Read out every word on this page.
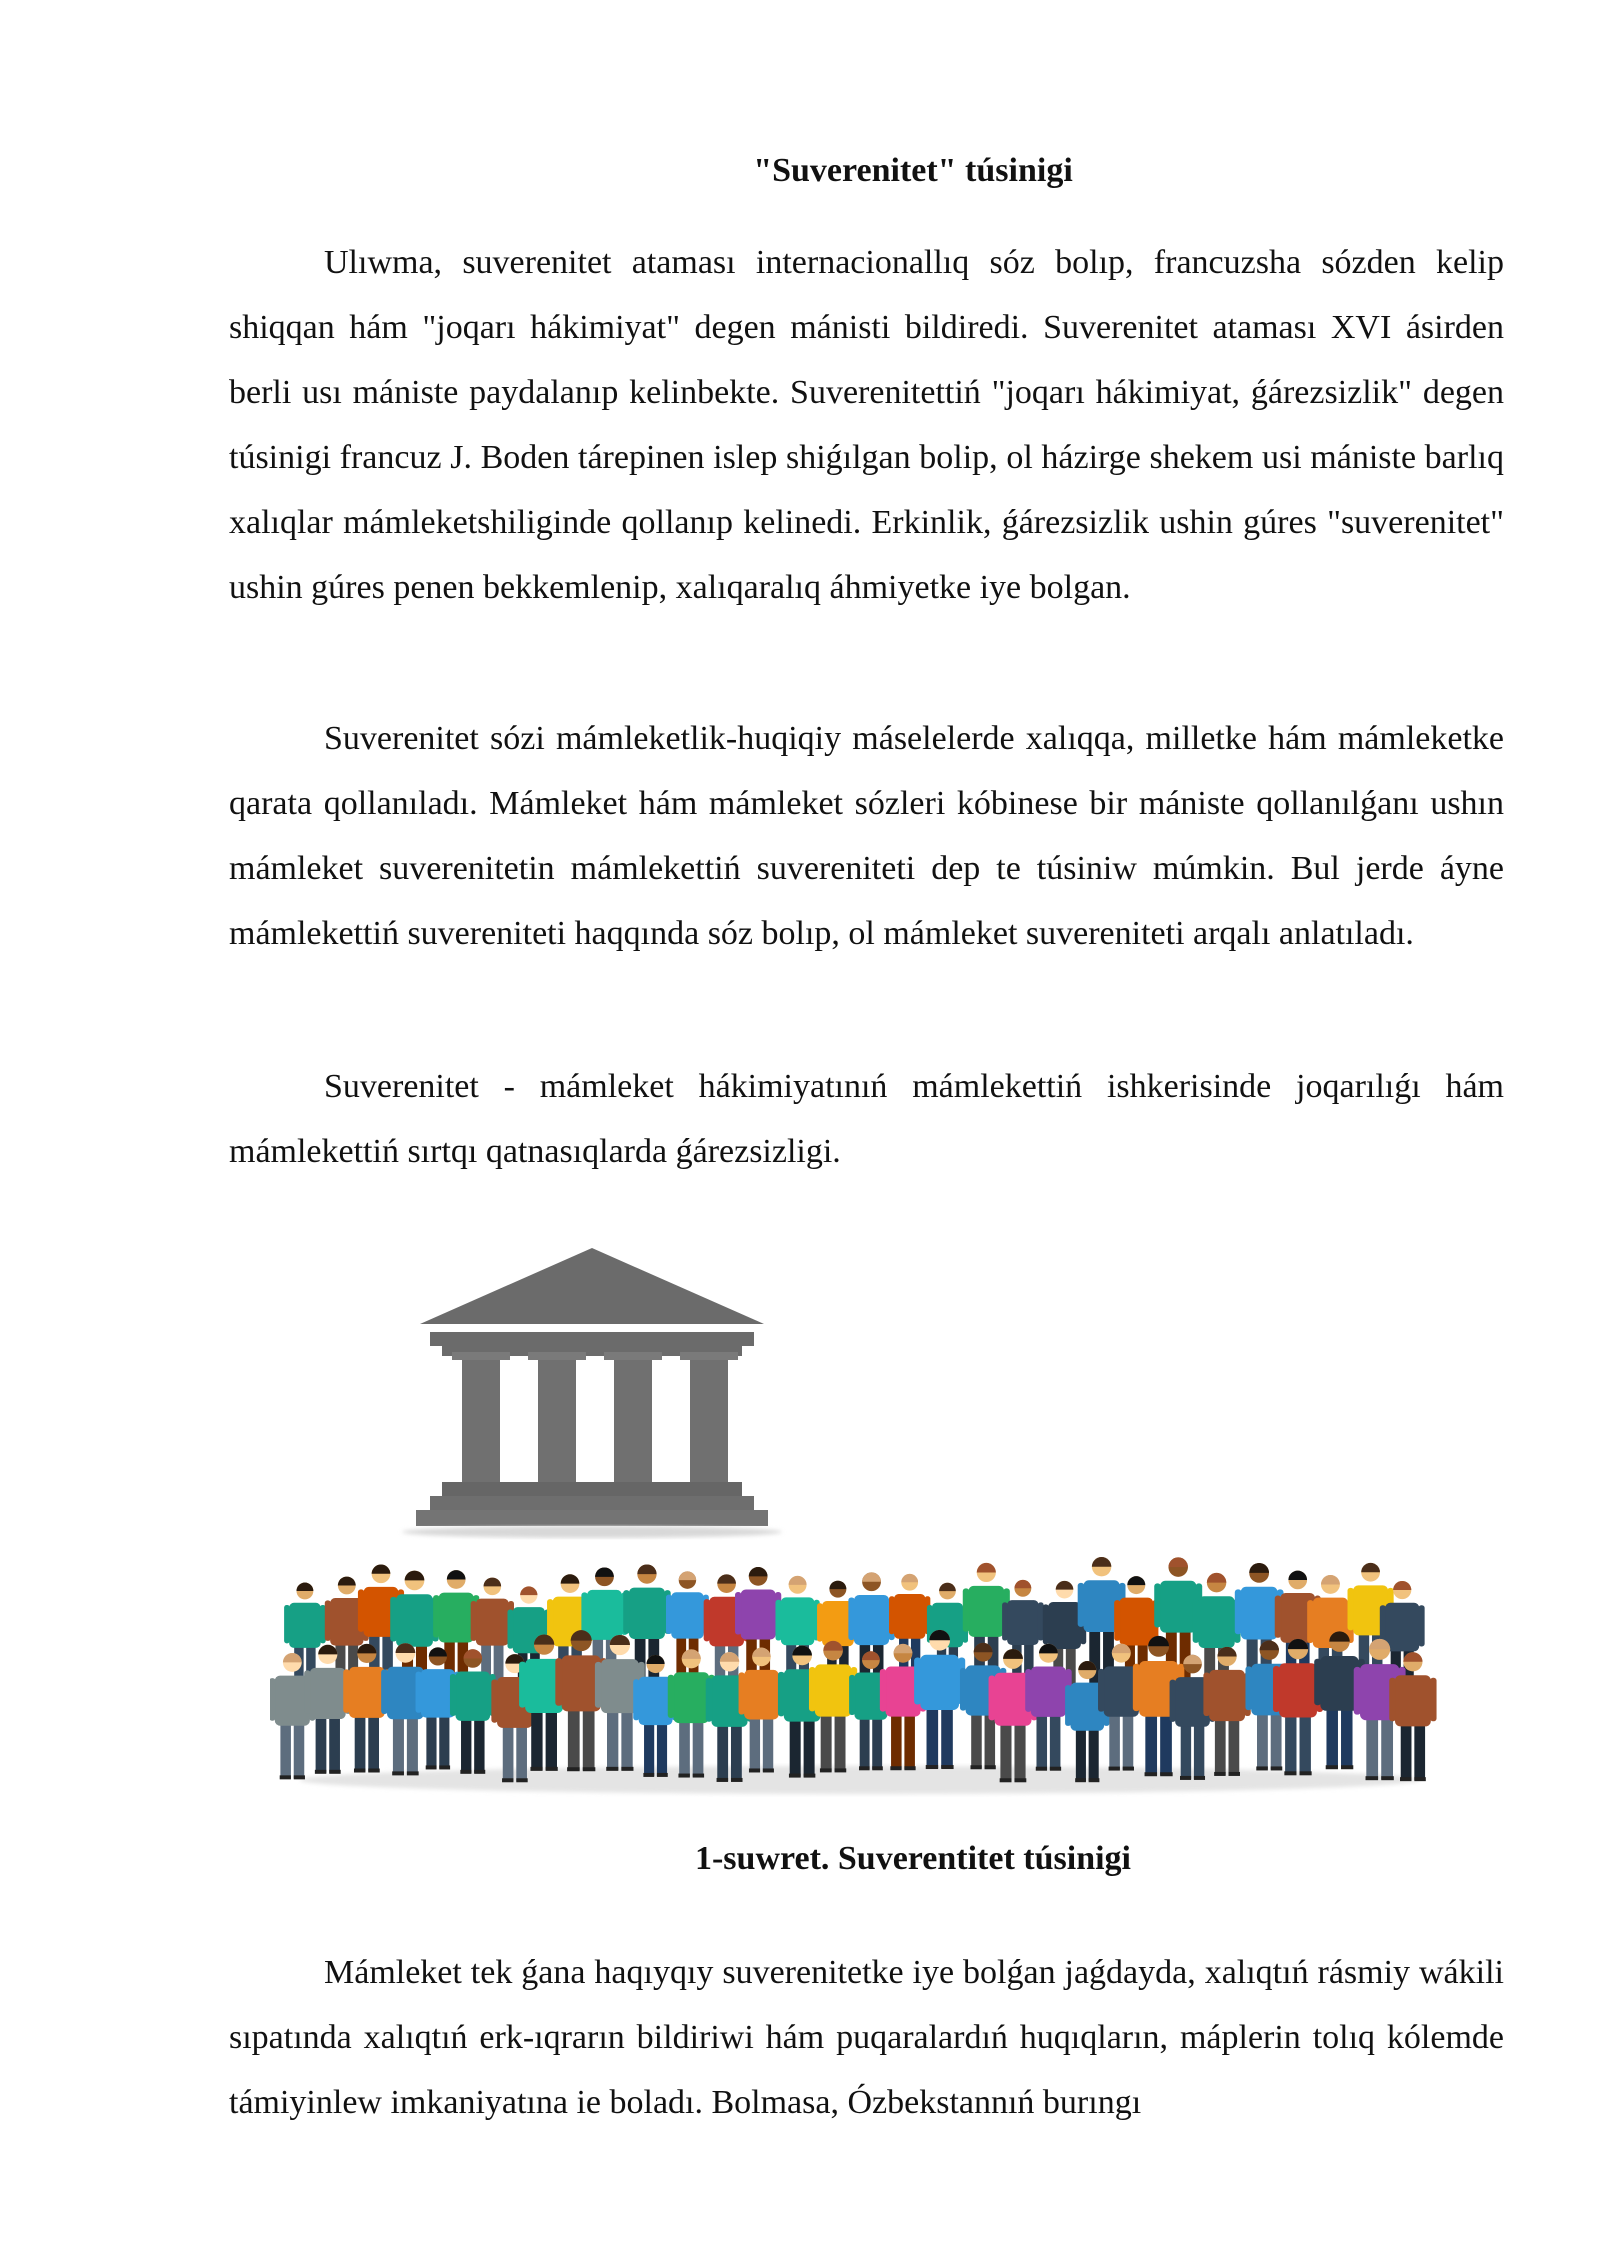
"Suverenitet" túsinigi

Ulıwma, suverenitet ataması internacionallıq sóz bolıp, francuzsha sózden kelip shiqqan hám "joqarı hákimiyat" degen mánisti bildiredi. Suverenitet ataması XVI ásirden berli usı mániste paydalanıp kelinbekte. Suverenitettiń "joqarı hákimiyat, ǵárezsizlik" degen túsinigi francuz J. Boden tárepinen islep shiǵılgan bolip, ol házirge shekem usi mániste barlıq xalıqlar mámleketshiliginde qollanıp kelinedi. Erkinlik, ǵárezsizlik ushin gúres "suverenitet" ushin gúres penen bekkemlenip, xalıqaralıq áhmiyetke iye bolgan.

Suverenitet sózi mámleketlik-huqiqiy máselelerde xalıqqa, milletke hám mámleketke qarata qollanıladı. Mámleket hám mámleket sózleri kóbinese bir mániste qollanılǵanı ushın mámleket suverenitetin mámlekettiń suvereniteti dep te túsiniw múmkin. Bul jerde áyne mámlekettiń suvereniteti haqqında sóz bolıp, ol mámleket suvereniteti arqalı anlatıladı.

Suverenitet - mámleket hákimiyatınıń mámlekettiń ishkerisinde joqarılıǵı hám mámlekettiń sırtqı qatnasıqlarda ǵárezsizligi.

1-suwret. Suverentitet túsinigi

Mámleket tek ǵana haqıyqıy suverenitetke iye bolǵan jaǵdayda, xalıqtıń rásmiy wákili sıpatında xalıqtıń erk-ıqrarın bildiriwi hám puqaralardıń huqıqların, máplerin tolıq kólemde támiyinlew imkaniyatına ie boladı. Bolmasa, Ózbekstannıń burıngı
